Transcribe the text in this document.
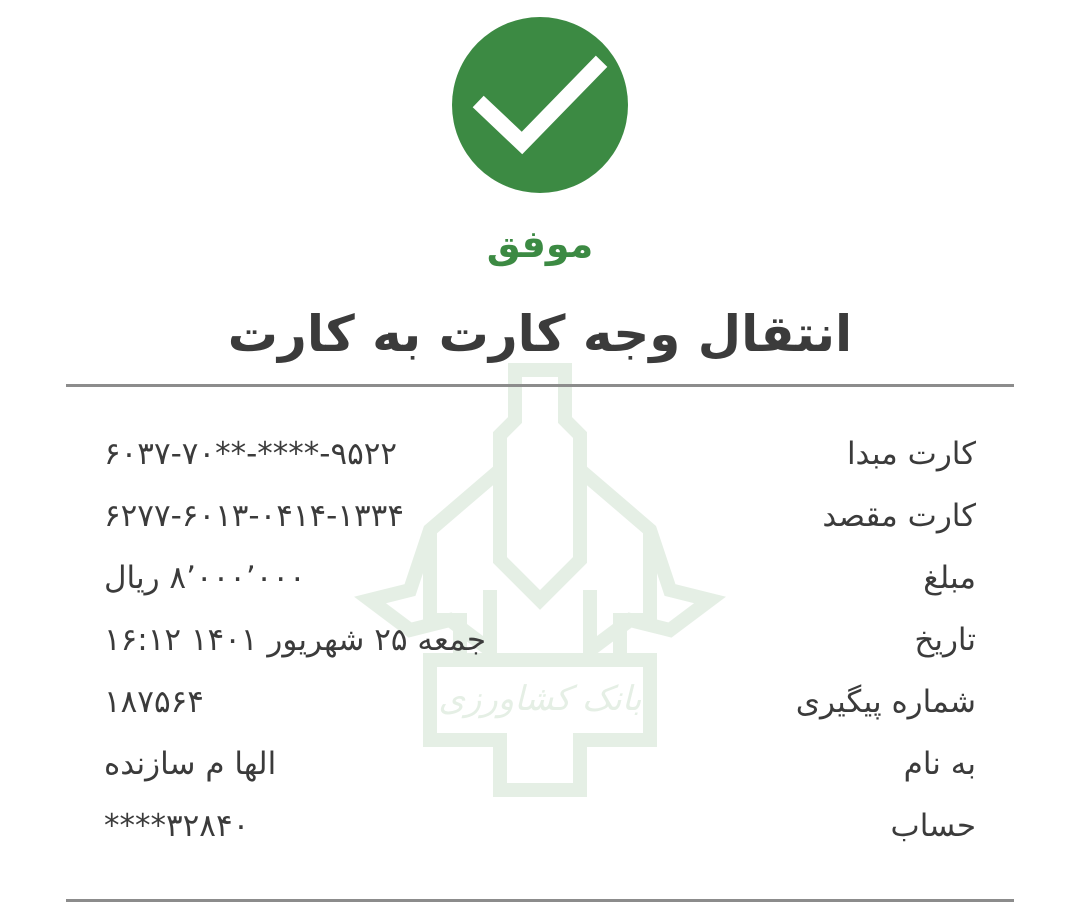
بانک کشاورزی
موفق
انتقال وجه کارت به کارت
کارت مبدا
۶۰۳۷-۷۰**-****-۹۵۲۲
کارت مقصد
۶۲۷۷-۶۰۱۳-۰۴۱۴-۱۳۳۴
مبلغ
۸٬۰۰۰٬۰۰۰ ریال
تاریخ
جمعه ۲۵ شهریور ۱۴۰۱ ۱۶:۱۲
شماره پیگیری
۱۸۷۵۶۴
به نام
الها م سازنده
حساب
****۳۲۸۴۰
